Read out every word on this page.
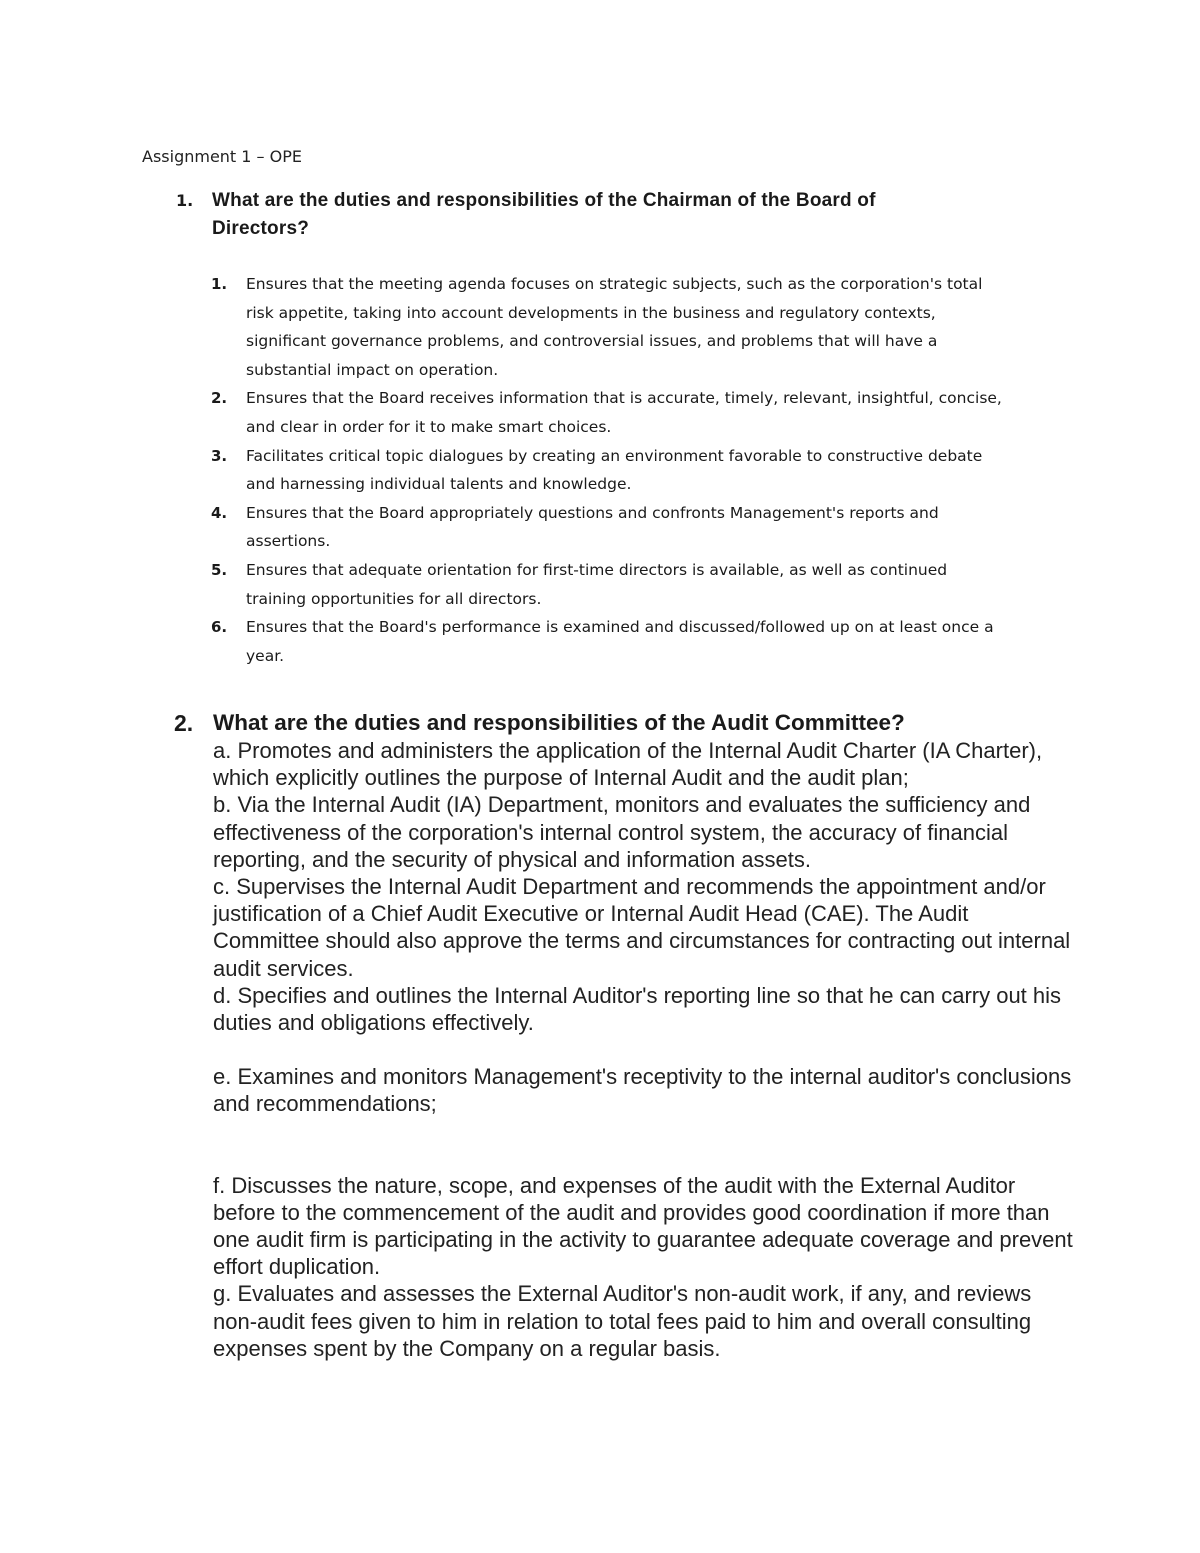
Assignment 1 – OPE
1. What are the duties and responsibilities of the Chairman of the Board of Directors?
1. Ensures that the meeting agenda focuses on strategic subjects, such as the corporation's total risk appetite, taking into account developments in the business and regulatory contexts, significant governance problems, and controversial issues, and problems that will have a substantial impact on operation.
2. Ensures that the Board receives information that is accurate, timely, relevant, insightful, concise, and clear in order for it to make smart choices.
3. Facilitates critical topic dialogues by creating an environment favorable to constructive debate and harnessing individual talents and knowledge.
4. Ensures that the Board appropriately questions and confronts Management's reports and assertions.
5. Ensures that adequate orientation for first-time directors is available, as well as continued training opportunities for all directors.
6. Ensures that the Board's performance is examined and discussed/followed up on at least once a year.
2. What are the duties and responsibilities of the Audit Committee?

a. Promotes and administers the application of the Internal Audit Charter (IA Charter), which explicitly outlines the purpose of Internal Audit and the audit plan;

b. Via the Internal Audit (IA) Department, monitors and evaluates the sufficiency and effectiveness of the corporation's internal control system, the accuracy of financial reporting, and the security of physical and information assets.

c. Supervises the Internal Audit Department and recommends the appointment and/or justification of a Chief Audit Executive or Internal Audit Head (CAE). The Audit Committee should also approve the terms and circumstances for contracting out internal audit services.

d. Specifies and outlines the Internal Auditor's reporting line so that he can carry out his duties and obligations effectively.

e. Examines and monitors Management's receptivity to the internal auditor's conclusions and recommendations;

f. Discusses the nature, scope, and expenses of the audit with the External Auditor before to the commencement of the audit and provides good coordination if more than one audit firm is participating in the activity to guarantee adequate coverage and prevent effort duplication.

g. Evaluates and assesses the External Auditor's non-audit work, if any, and reviews non-audit fees given to him in relation to total fees paid to him and overall consulting expenses spent by the Company on a regular basis.
